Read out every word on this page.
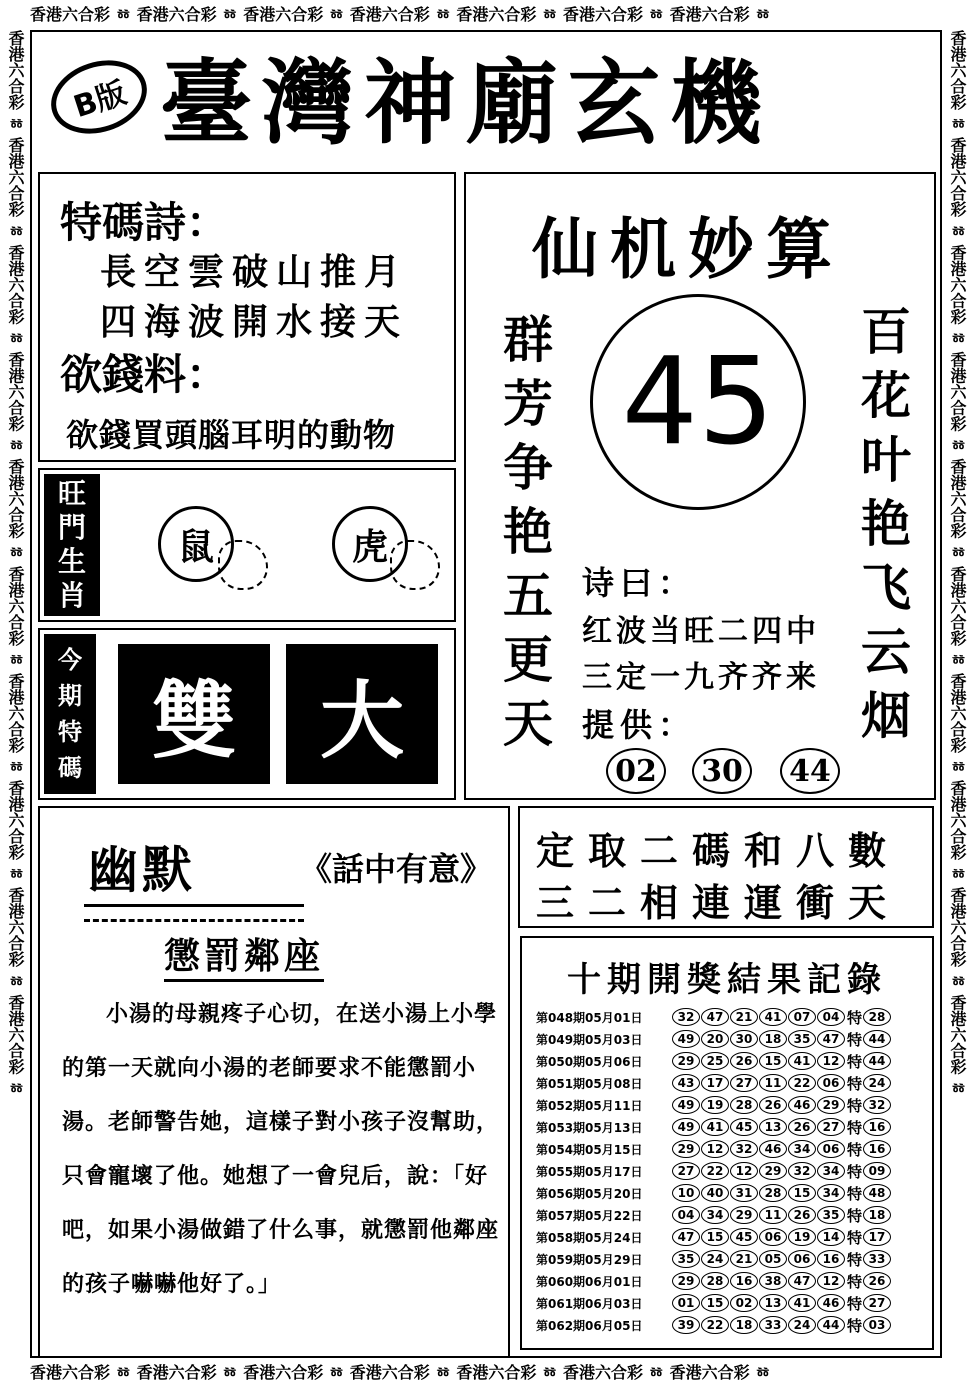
香港六合彩 ㆅ 香港六合彩 ㆅ 香港六合彩 ㆅ 香港六合彩 ㆅ 香港六合彩 ㆅ 香港六合彩 ㆅ 香港六合彩 ㆅ
香港六合彩 ㆅ 香港六合彩 ㆅ 香港六合彩 ㆅ 香港六合彩 ㆅ 香港六合彩 ㆅ 香港六合彩 ㆅ 香港六合彩 ㆅ
香港六合彩 ㆅ 香港六合彩 ㆅ 香港六合彩 ㆅ 香港六合彩 ㆅ 香港六合彩 ㆅ 香港六合彩 ㆅ 香港六合彩 ㆅ 香港六合彩 ㆅ 香港六合彩 ㆅ 香港六合彩 ㆅ	香港六合彩 ㆅ 香港六合彩 ㆅ 香港六合彩 ㆅ 香港六合彩 ㆅ 香港六合彩 ㆅ 香港六合彩 ㆅ 香港六合彩 ㆅ 香港六合彩 ㆅ 香港六合彩 ㆅ 香港六合彩 ㆅ
B版 臺灣神廟玄機
特碼詩：
長空雲破山推月
四海波開水接天
欲錢料：
欲錢買頭腦耳明的動物
旺
門
生
肖
鼠	虎
今
期
特
碼 雙 大
仙机妙算
群
芳
争
艳
五
更
天
百
花
叶
艳
飞
云
烟
45
诗曰：
红波当旺二四中
三定一九齐齐来
提供：
02	30	44
幽默	《話中有意》
懲罰鄰座
小湯的母親疼子心切，在送小湯上小學的第一天就向小湯的老師要求不能懲罰小湯。老師警告她，這樣子對小孩子沒幫助，只會寵壞了他。她想了一會兒后，說：「好吧，如果小湯做錯了什么事，就懲罰他鄰座的孩子嚇嚇他好了。」
定取二碼和八數
三二相連運衝天
十期開獎結果記錄
第048期05月01日	32	47	21	41	07	04 特 28
第049期05月03日	49	20	30	18	35	47 特 44
第050期05月06日	29	25	26	15	41	12 特 44
第051期05月08日	43	17	27	11	22	06 特 24
第052期05月11日	49	19	28	26	46	29 特 32
第053期05月13日	49	41	45	13	26	27 特 16
第054期05月15日	29	12	32	46	34	06 特 16
第055期05月17日	27	22	12	29	32	34 特 09
第056期05月20日	10	40	31	28	15	34 特 48
第057期05月22日	04	34	29	11	26	35 特 18
第058期05月24日	47	15	45	06	19	14 特 17
第059期05月29日	35	24	21	05	06	16 特 33
第060期06月01日	29	28	16	38	47	12 特 26
第061期06月03日	01	15	02	13	41	46 特 27
第062期06月05日	39	22	18	33	24	44 特 03
